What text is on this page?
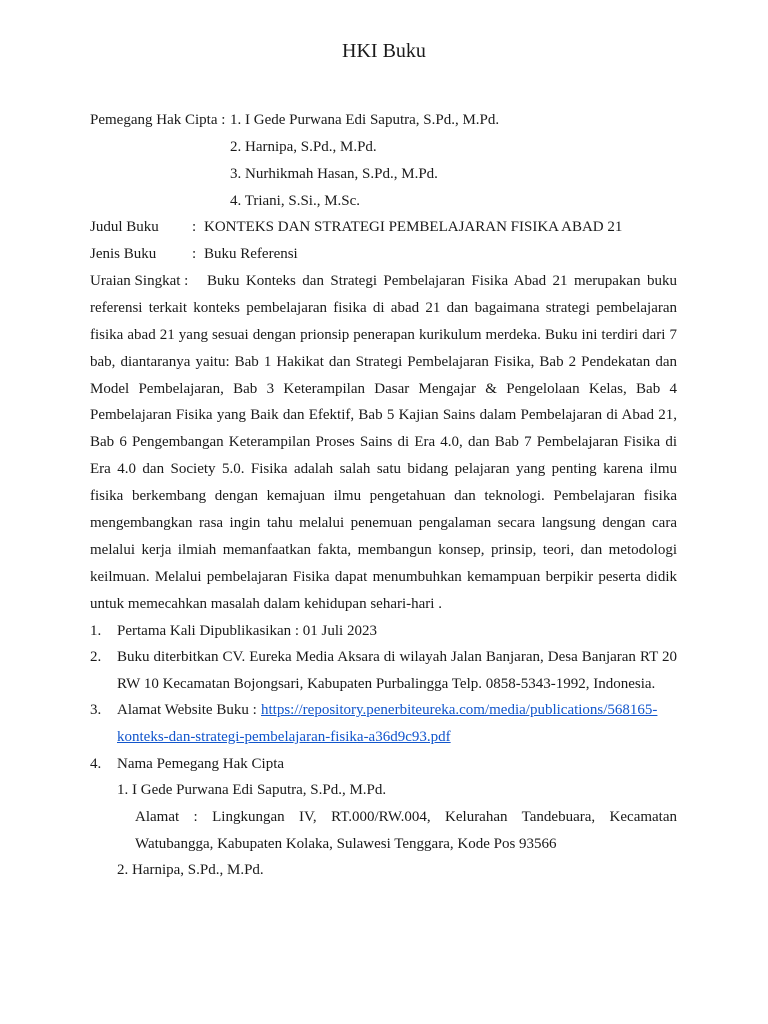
HKI Buku
Pemegang Hak Cipta : 1. I Gede Purwana Edi Saputra, S.Pd., M.Pd.
2. Harnipa, S.Pd., M.Pd.
3. Nurhikmah Hasan, S.Pd., M.Pd.
4. Triani, S.Si., M.Sc.
Judul Buku : KONTEKS DAN STRATEGI PEMBELAJARAN FISIKA ABAD 21
Jenis Buku : Buku Referensi
Uraian Singkat : Buku Konteks dan Strategi Pembelajaran Fisika Abad 21 merupakan buku
referensi terkait konteks pembelajaran fisika di abad 21 dan bagaimana strategi pembelajaran
fisika abad 21 yang sesuai dengan prionsip penerapan kurikulum merdeka. Buku ini terdiri dari 7
bab, diantaranya yaitu: Bab 1 Hakikat dan Strategi Pembelajaran Fisika, Bab 2 Pendekatan dan
Model Pembelajaran, Bab 3 Keterampilan Dasar Mengajar & Pengelolaan Kelas, Bab 4
Pembelajaran Fisika yang Baik dan Efektif, Bab 5 Kajian Sains dalam Pembelajaran di Abad 21,
Bab 6 Pengembangan Keterampilan Proses Sains di Era 4.0, dan Bab 7 Pembelajaran Fisika di
Era 4.0 dan Society 5.0. Fisika adalah salah satu bidang pelajaran yang penting karena ilmu
fisika berkembang dengan kemajuan ilmu pengetahuan dan teknologi. Pembelajaran fisika
mengembangkan rasa ingin tahu melalui penemuan pengalaman secara langsung dengan cara
melalui kerja ilmiah memanfaatkan fakta, membangun konsep, prinsip, teori, dan metodologi
keilmuan. Melalui pembelajaran Fisika dapat menumbuhkan kemampuan berpikir peserta didik
untuk memecahkan masalah dalam kehidupan sehari-hari .
1. Pertama Kali Dipublikasikan : 01 Juli 2023
2. Buku diterbitkan CV. Eureka Media Aksara di wilayah Jalan Banjaran, Desa Banjaran RT 20
RW 10 Kecamatan Bojongsari, Kabupaten Purbalingga Telp. 0858-5343-1992, Indonesia.
3. Alamat Website Buku : https://repository.penerbiteureka.com/media/publications/568165-
konteks-dan-strategi-pembelajaran-fisika-a36d9c93.pdf
4. Nama Pemegang Hak Cipta
1. I Gede Purwana Edi Saputra, S.Pd., M.Pd.
Alamat : Lingkungan IV, RT.000/RW.004, Kelurahan Tandebuara, Kecamatan
Watubangga, Kabupaten Kolaka, Sulawesi Tenggara, Kode Pos 93566
2. Harnipa, S.Pd., M.Pd.
